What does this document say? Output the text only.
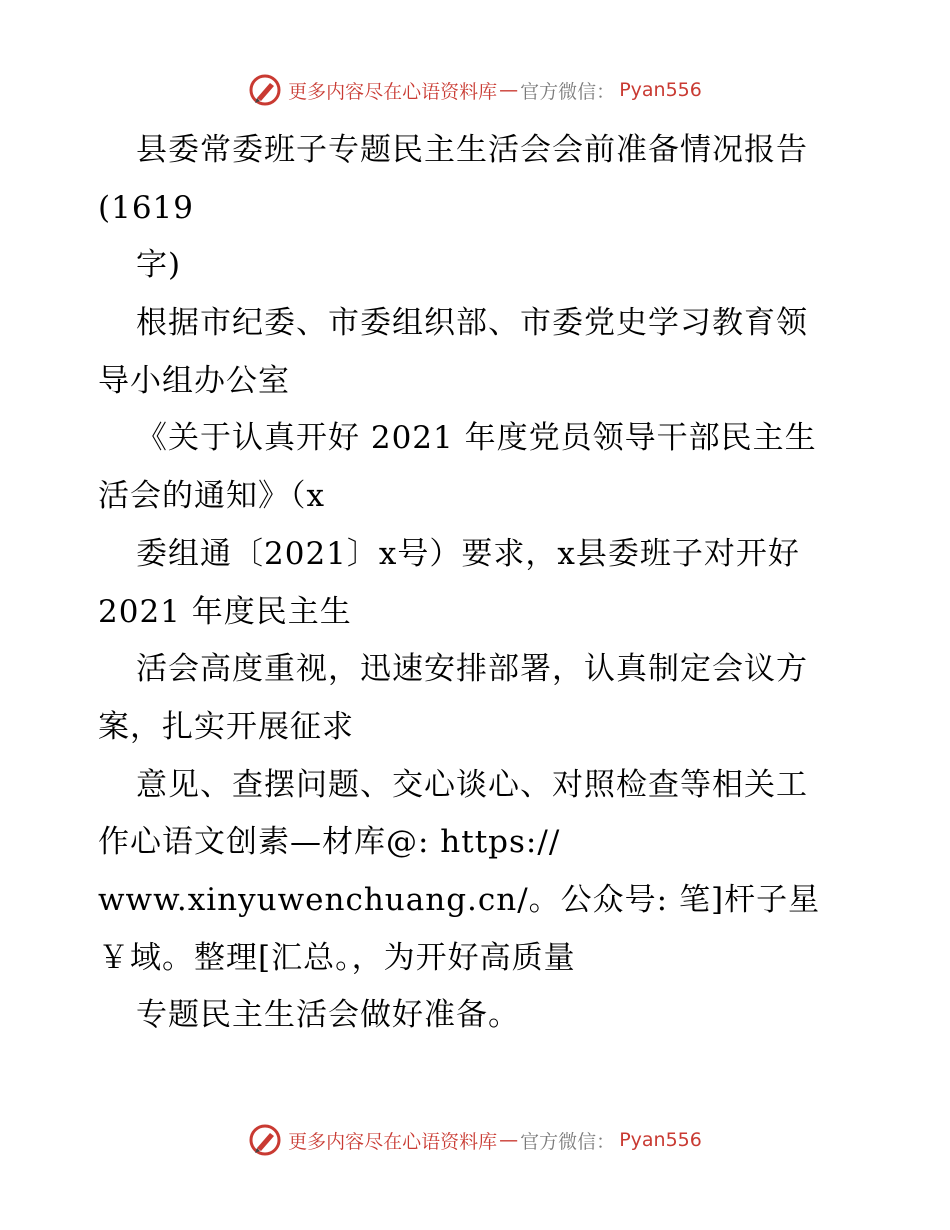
更多内容尽在心语资料库 — 官方微信 ： Pyan556
县委常委班子专题民主生活会会前准备情况报告
(1619
字)
根据市纪委、市委组织部、市委党史学习教育领
导小组办公室
《关于认真开好 2021 年度党员领导干部民主生
活会的通知》（x
委组通〔2021〕x号）要求，x县委班子对开好
2021 年度民主生
活会高度重视，迅速安排部署，认真制定会议方
案，扎实开展征求
意见、查摆问题、交心谈心、对照检查等相关工
作心语文创素—材库@: https://
www.xinyuwenchuang.cn/。公众号: 笔]杆子星
￥域。整理[汇总。，为开好高质量
专题民主生活会做好准备。
更多内容尽在心语资料库 — 官方微信 ： Pyan556
